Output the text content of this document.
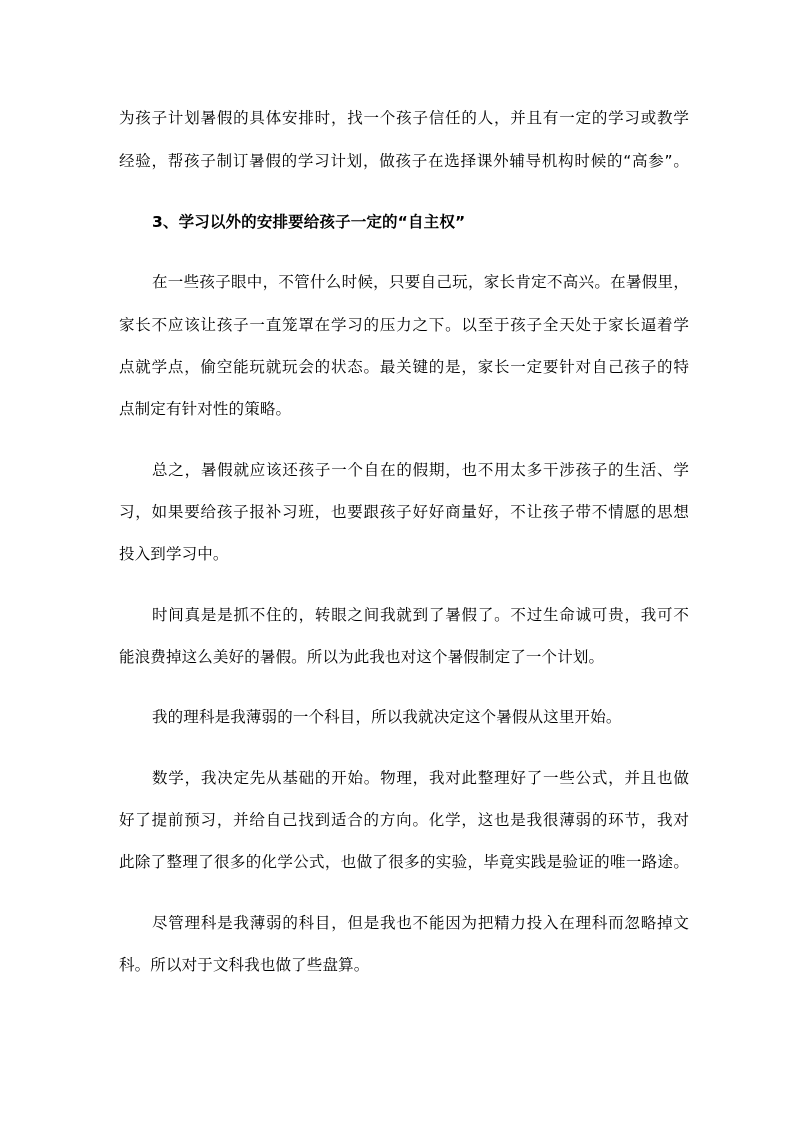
为孩子计划暑假的具体安排时，找一个孩子信任的人，并且有一定的学习或教学
经验，帮孩子制订暑假的学习计划，做孩子在选择课外辅导机构时候的“高参”。
3、学习以外的安排要给孩子一定的“自主权”
在一些孩子眼中，不管什么时候，只要自己玩，家长肯定不高兴。在暑假里，
家长不应该让孩子一直笼罩在学习的压力之下。以至于孩子全天处于家长逼着学
点就学点，偷空能玩就玩会的状态。最关键的是，家长一定要针对自己孩子的特
点制定有针对性的策略。
总之，暑假就应该还孩子一个自在的假期，也不用太多干涉孩子的生活、学
习，如果要给孩子报补习班，也要跟孩子好好商量好，不让孩子带不情愿的思想
投入到学习中。
时间真是是抓不住的，转眼之间我就到了暑假了。不过生命诚可贵，我可不
能浪费掉这么美好的暑假。所以为此我也对这个暑假制定了一个计划。
我的理科是我薄弱的一个科目，所以我就决定这个暑假从这里开始。
数学，我决定先从基础的开始。物理，我对此整理好了一些公式，并且也做
好了提前预习，并给自己找到适合的方向。化学，这也是我很薄弱的环节，我对
此除了整理了很多的化学公式，也做了很多的实验，毕竟实践是验证的唯一路途。
尽管理科是我薄弱的科目，但是我也不能因为把精力投入在理科而忽略掉文
科。所以对于文科我也做了些盘算。
